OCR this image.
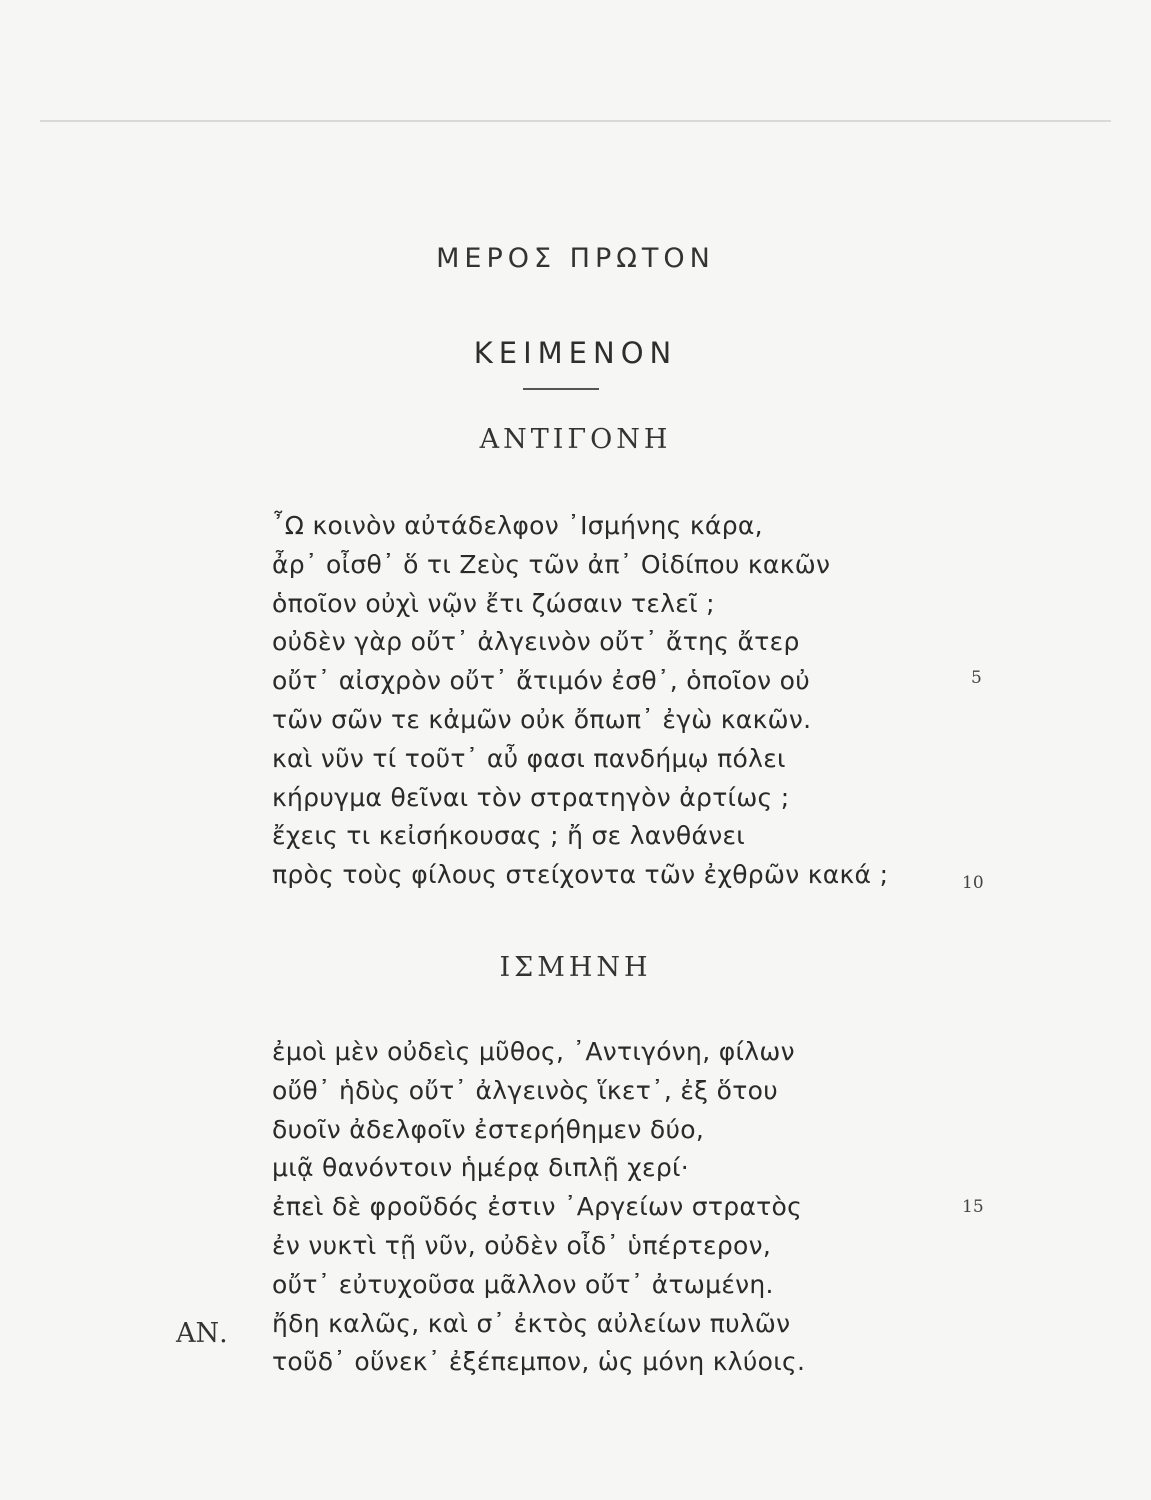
ΜΕΡΟΣ ΠΡΩΤΟΝ
ΚΕΙΜΕΝΟΝ
ΑΝΤΙΓΟΝΗ
῏Ω κοινὸν αὐτάδελφον ᾽Ισμήνης κάρα,
ἆρ᾽ οἶσθ᾽ ὅ τι Ζεὺς τῶν ἀπ᾽ Οἰδίπου κακῶν
ὁποῖον οὐχὶ νῷν ἔτι ζώσαιν τελεῖ ;
οὐδὲν γὰρ οὔτ᾽ ἀλγεινὸν οὔτ᾽ ἄτης ἄτερ
οὔτ᾽ αἰσχρὸν οὔτ᾽ ἄτιμόν ἐσθ᾽, ὁποῖον οὐ
τῶν σῶν τε κἀμῶν οὐκ ὄπωπ᾽ ἐγὼ κακῶν.
καὶ νῦν τί τοῦτ᾽ αὖ φασι πανδήμῳ πόλει
κήρυγμα θεῖναι τὸν στρατηγὸν ἀρτίως ;
ἔχεις τι κεἰσήκουσας ; ἤ σε λανθάνει
πρὸς τοὺς φίλους στείχοντα τῶν ἐχθρῶν κακά ;
5
10
ΙΣΜΗΝΗ
ἐμοὶ μὲν οὐδεὶς μῦθος, ᾽Αντιγόνη, φίλων
οὔθ᾽ ἡδὺς οὔτ᾽ ἀλγεινὸς ἵκετ᾽, ἐξ ὅτου
δυοῖν ἀδελφοῖν ἐστερήθημεν δύο,
μιᾷ θανόντοιν ἡμέρᾳ διπλῇ χερί·
ἐπεὶ δὲ φροῦδός ἐστιν ᾽Αργείων στρατὸς
ἐν νυκτὶ τῇ νῦν, οὐδὲν οἶδ᾽ ὑπέρτερον,
οὔτ᾽ εὐτυχοῦσα μᾶλλον οὔτ᾽ ἀτωμένη.
ἤδη καλῶς, καὶ σ᾽ ἐκτὸς αὐλείων πυλῶν
τοῦδ᾽ οὕνεκ᾽ ἐξέπεμπον, ὡς μόνη κλύοις.
15
ΑΝ.
